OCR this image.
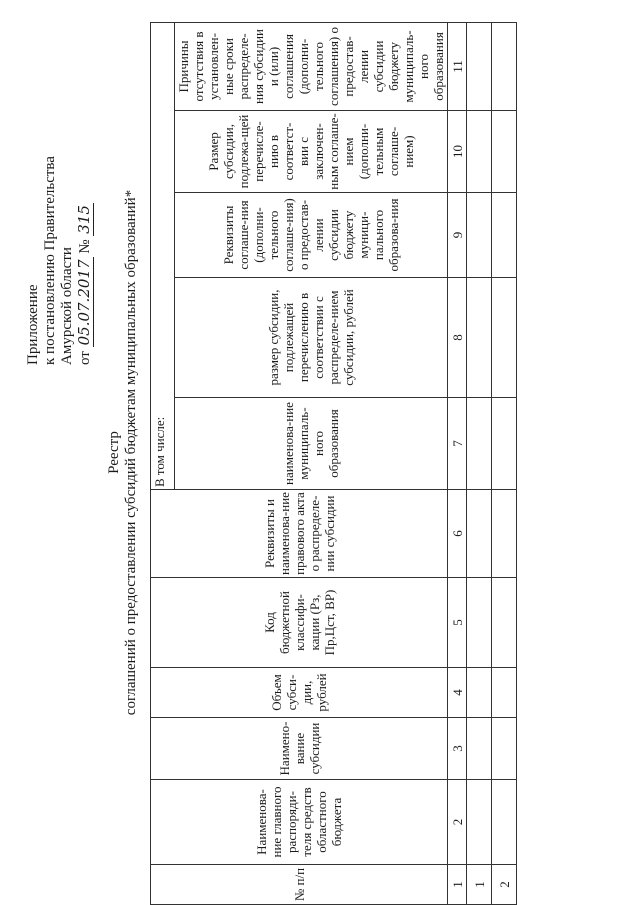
Приложение к постановлению Правительства Амурской области от 05.07.2017 № 315
Реестр соглашений о предоставлении субсидий бюджетам муниципальных образований*
№ п/п	Наименова-ние главного распоряди-теля средств областного бюджета	Наимено-вание субсидии	Объем субси-дии, рублей	Код бюджетной классифи-кации (Рз, Пр,Цст, ВР)	Реквизиты и наименова-ние правового акта о распределе-нии субсидии	В том числе:				
						наименова-ние муниципаль-ного образования	размер субсидии, подлежащей перечислению в соответствии с распределе-нием субсидии, рублей	Реквизиты соглаше-ния (дополни-тельного соглаше-ния) о предостав-лении субсидии бюджету муници-пального образова-ния	Размер субсидии, подлежа-щей перечисле-нию в соответст-вии с заключен-ным соглаше-нием (дополни-тельным соглаше-нием)	Причины отсутствия в установлен-ные сроки распределе-ния субсидии и (или) соглашения (дополни-тельного соглашения) о предостав-лении субсидии бюджету муниципаль-ного образования
1	2	3	4	5	6	7	8	9	10	11
1										
2										
